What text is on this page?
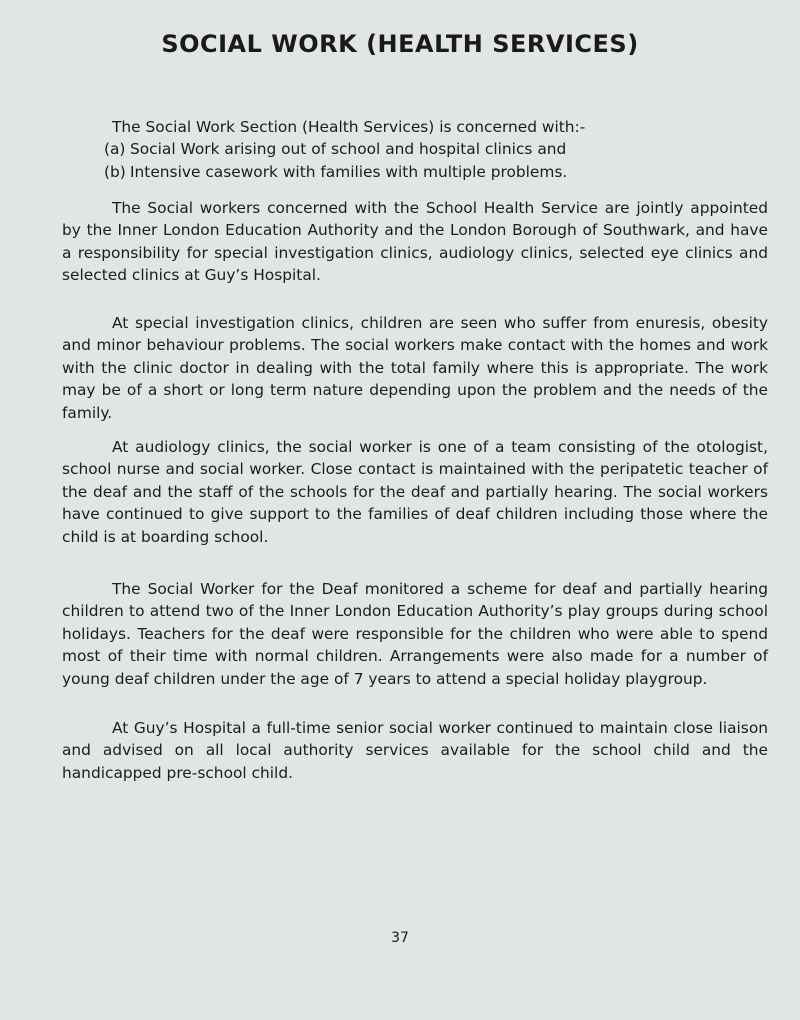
SOCIAL WORK (HEALTH SERVICES)

The Social Work Section (Health Services) is concerned with:-

(a) Social Work arising out of school and hospital clinics and

(b) Intensive casework with families with multiple problems.

The Social workers concerned with the School Health Service are jointly appointed by the Inner London Education Authority and the London Borough of Southwark, and have a responsibility for special investigation clinics, audiology clinics, selected eye clinics and selected clinics at Guy’s Hospital.

At special investigation clinics, children are seen who suffer from enuresis, obesity and minor behaviour problems. The social workers make contact with the homes and work with the clinic doctor in dealing with the total family where this is appropriate. The work may be of a short or long term nature depending upon the problem and the needs of the family.

At audiology clinics, the social worker is one of a team consisting of the otologist, school nurse and social worker. Close contact is maintained with the peripatetic teacher of the deaf and the staff of the schools for the deaf and partially hearing. The social workers have continued to give support to the families of deaf children including those where the child is at boarding school.

The Social Worker for the Deaf monitored a scheme for deaf and partially hearing children to attend two of the Inner London Education Authority’s play groups during school holidays. Teachers for the deaf were responsible for the children who were able to spend most of their time with normal children. Arrangements were also made for a number of young deaf children under the age of 7 years to attend a special holiday playgroup.

At Guy’s Hospital a full-time senior social worker continued to maintain close liaison and advised on all local authority services available for the school child and the handicapped pre-school child.

37
